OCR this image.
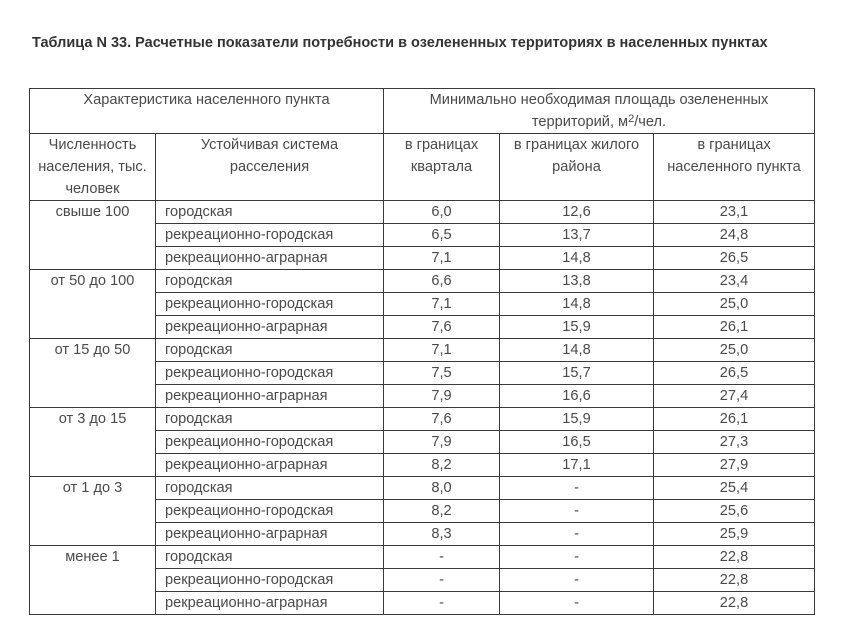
Таблица N 33. Расчетные показатели потребности в озелененных территориях в населенных пунктах
Характеристика населенного пункта		Минимально необходимая площадь озелененных
территорий, $м^2$/чел.		

Численность населения, тыс. человек	Устойчивая система расселения	в границах квартала	в границах жилого района	в границах населенного пункта
свыше 100	городская	6,0	12,6	23,1
	рекреационно-городская	6,5	13,7	24,8
	рекреационно-аграрная	7,1	14,8	26,5
от 50 до 100	городская	6,6	13,8	23,4
	рекреационно-городская	7,1	14,8	25,0
	рекреационно-аграрная	7,6	15,9	26,1
от 15 до 50	городская	7,1	14,8	25,0
	рекреационно-городская	7,5	15,7	26,5
	рекреационно-аграрная	7,9	16,6	27,4
от 3 до 15	городская	7,6	15,9	26,1
	рекреационно-городская	7,9	16,5	27,3
	рекреационно-аграрная	8,2	17,1	27,9
от 1 до 3	городская	8,0	-	25,4
	рекреационно-городская	8,2	-	25,6
	рекреационно-аграрная	8,3	-	25,9
менее 1	городская	-	-	22,8
	рекреационно-городская	-	-	22,8
	рекреационно-аграрная	-	-	22,8
